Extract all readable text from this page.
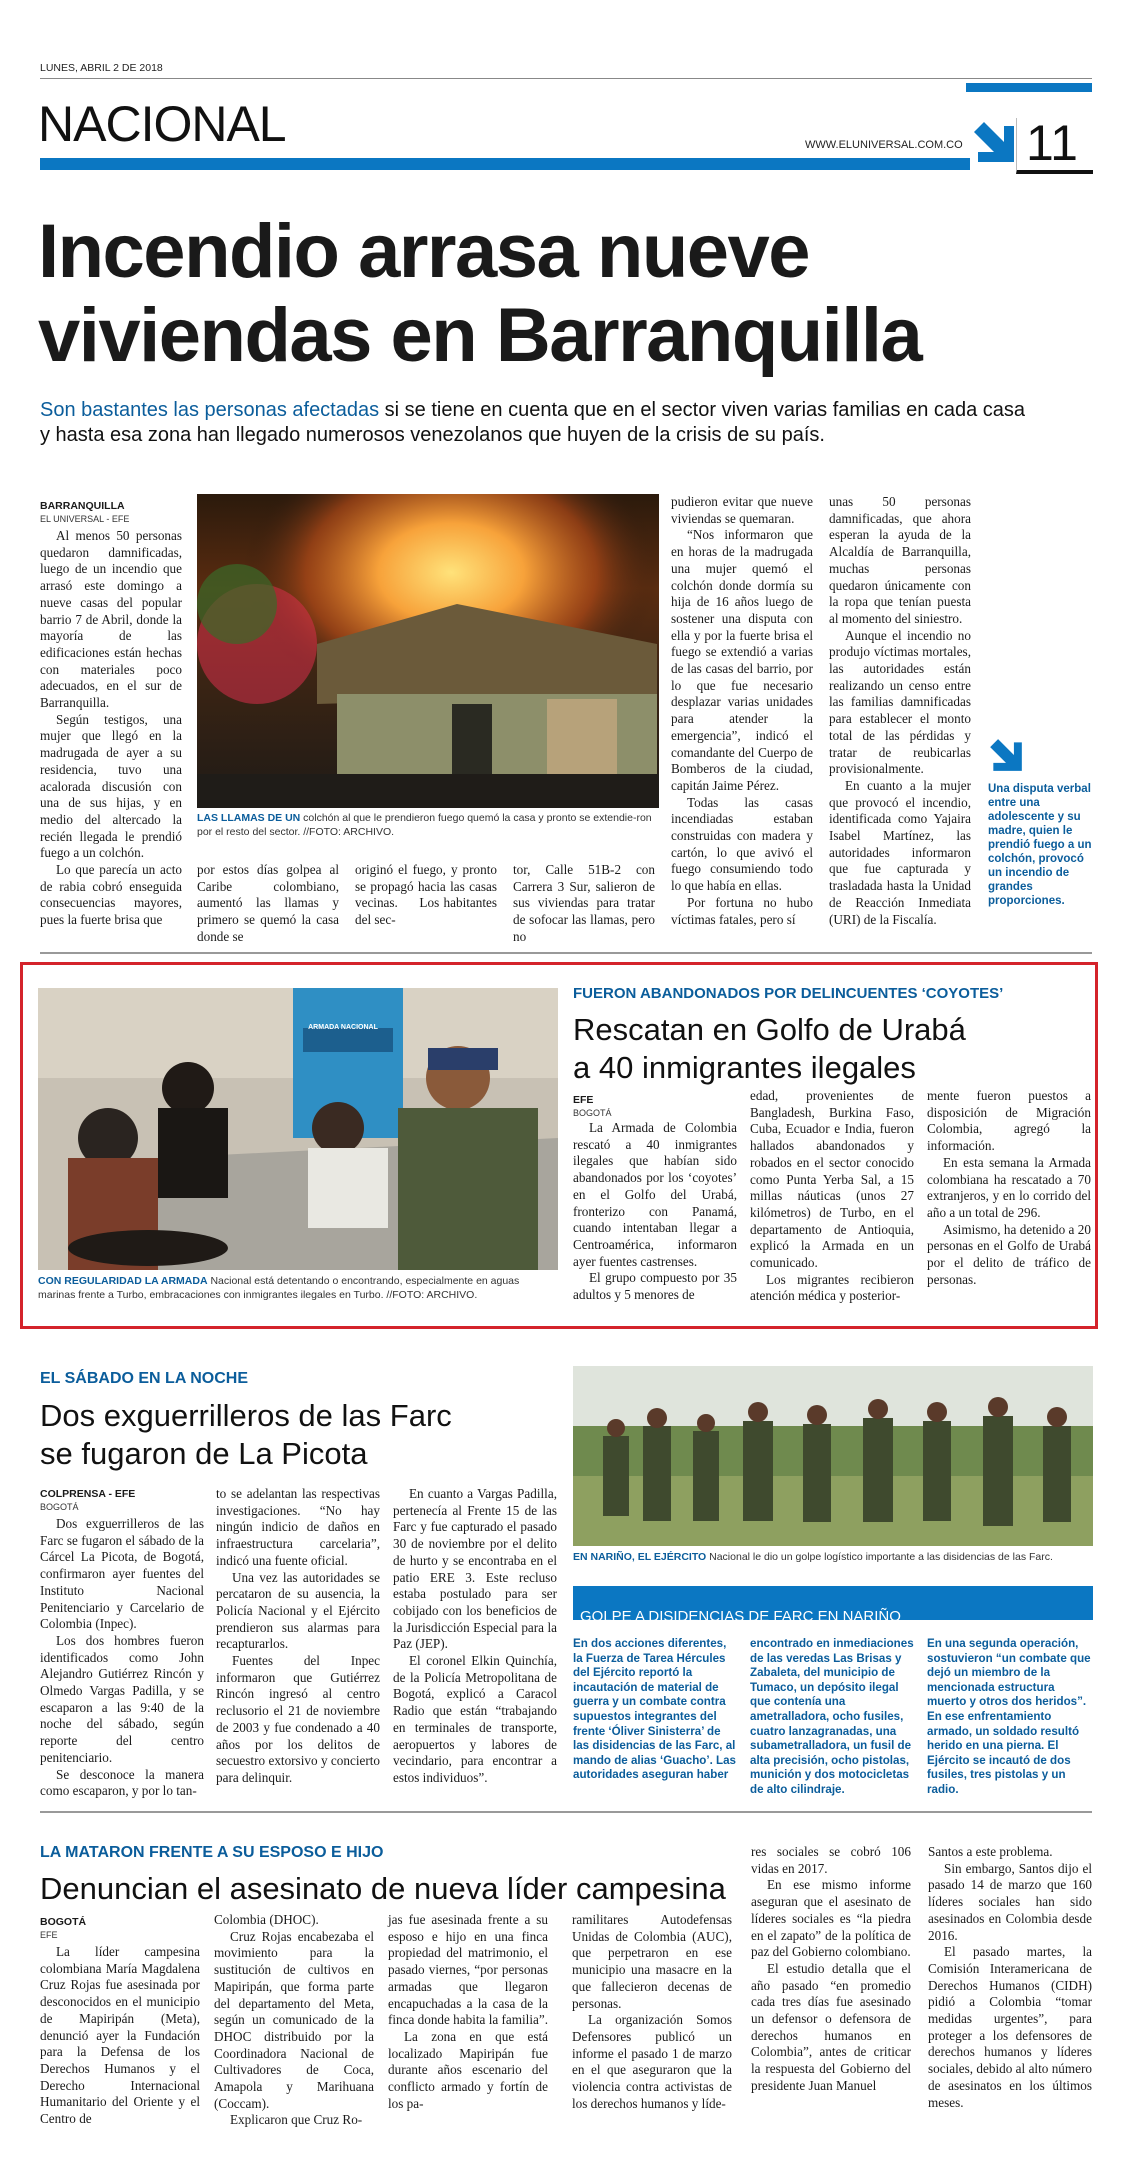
LUNES, ABRIL 2 DE 2018
NACIONAL	WWW.ELUNIVERSAL.COM.CO 11
Incendio arrasa nueve viviendas en Barranquilla
Son bastantes las personas afectadas si se tiene en cuenta que en el sector viven varias familias en cada casa y hasta esa zona han llegado numerosos venezolanos que huyen de la crisis de su país.
BARRANQUILLA
EL UNIVERSAL - EFE

Al menos 50 personas quedaron damnificadas, luego de un incendio que arrasó este domingo a nueve casas del popular barrio 7 de Abril, donde la mayoría de las edificaciones están hechas con materiales poco adecuados, en el sur de Barranquilla.

Según testigos, una mujer que llegó en la madrugada de ayer a su residencia, tuvo una acalorada discusión con una de sus hijas, y en medio del altercado la recién llegada le prendió fuego a un colchón.

Lo que parecía un acto de rabia cobró enseguida consecuencias mayores, pues la fuerte brisa que

LAS LLAMAS DE UN colchón al que le prendieron fuego quemó la casa y pronto se extendie-ron por el resto del sector. //FOTO: ARCHIVO.

por estos días golpea al Caribe colombiano, aumentó las llamas y primero se quemó la casa donde se

originó el fuego, y pronto se propagó hacia las casas vecinas.     Los habitantes del sec-

tor, Calle 51B-2 con Carrera 3 Sur, salieron de sus viviendas para tratar de sofocar las llamas, pero no

pudieron evitar que nueve viviendas se quemaran.

“Nos informaron que en horas de la madrugada una mujer quemó el colchón donde dormía su hija de 16 años luego de sostener una disputa con ella y por la fuerte brisa el fuego se extendió a varias de las casas del barrio, por lo que fue necesario desplazar varias unidades para atender la emergencia”, indicó el comandante del Cuerpo de Bomberos de la ciudad, capitán Jaime Pérez.

Todas las casas incendiadas estaban construidas con madera y cartón, lo que avivó el fuego consumiendo todo lo que había en ellas.

Por fortuna no hubo víctimas fatales, pero sí

unas 50 personas damnificadas, que ahora esperan la ayuda de la Alcaldía de Barranquilla, muchas personas quedaron únicamente con la ropa que tenían puesta al momento del siniestro.

Aunque el incendio no produjo víctimas mortales, las autoridades están realizando un censo entre las familias damnificadas para establecer el monto total de las pérdidas y tratar de reubicarlas provisionalmente.

En cuanto a la mujer que provocó el incendio, identificada como Yajaira Isabel Martínez, las autoridades informaron que fue capturada y trasladada hasta la Unidad de Reacción Inmediata (URI) de la Fiscalía.

Una disputa verbal entre una adolescente y su madre, quien le prendió fuego a un colchón, provocó un incendio de grandes proporciones.
ARMADA NACIONAL
CON REGULARIDAD LA ARMADA Nacional está detentando o encontrando, especialmente en aguas marinas frente a Turbo, embracaciones con inmigrantes ilegales en Turbo. //FOTO: ARCHIVO.
FUERON ABANDONADOS POR DELINCUENTES ‘COYOTES’
Rescatan en Golfo de Urabá
a 40 inmigrantes ilegales
EFE
BOGOTÁ

La Armada de Colombia rescató a 40 inmigrantes ilegales que habían sido abandonados por los ‘coyotes’ en el Golfo del Urabá, fronterizo con Panamá, cuando intentaban llegar a Centroamérica, informaron ayer fuentes castrenses.

El grupo compuesto por 35 adultos y 5 menores de

edad, provenientes de Bangladesh, Burkina Faso, Cuba, Ecuador e India, fueron hallados abandonados y robados en el sector conocido como Punta Yerba Sal, a 15 millas náuticas (unos 27 kilómetros) de Turbo, en el departamento de Antioquia, explicó la Armada en un comunicado.

Los migrantes recibieron atención médica y posterior-

mente fueron puestos a disposición de Migración Colombia, agregó la información.

En esta semana la Armada colombiana ha rescatado a 70 extranjeros, y en lo corrido del año a un total de 296.

Asimismo, ha detenido a 20 personas en el Golfo de Urabá por el delito de tráfico de personas.

EL SÁBADO EN LA NOCHE
Dos exguerrilleros de las Farc
se fugaron de La Picota
COLPRENSA - EFE
BOGOTÁ

Dos exguerrilleros de las Farc se fugaron el sábado de la Cárcel La Picota, de Bogotá, confirmaron ayer fuentes del Instituto Nacional Penitenciario y Carcelario de Colombia (Inpec).

Los dos hombres fueron identificados como John Alejandro Gutiérrez Rincón y Olmedo Vargas Padilla, y se escaparon a las 9:40 de la noche del sábado, según reporte del centro penitenciario.

Se desconoce la manera como escaparon, y por lo tan-

to se adelantan las respectivas investigaciones. “No hay ningún indicio de daños en infraestructura carcelaria”, indicó una fuente oficial.

Una vez las autoridades se percataron de su ausencia, la Policía Nacional y el Ejército prendieron sus alarmas para recapturarlos.

Fuentes del Inpec informaron que Gutiérrez Rincón ingresó al centro reclusorio el 21 de noviembre de 2003 y fue condenado a 40 años por los delitos de secuestro extorsivo y concierto para delinquir.

En cuanto a Vargas Padilla, pertenecía al Frente 15 de las Farc y fue capturado el pasado 30 de noviembre por el delito de hurto y se encontraba en el patio ERE 3. Este recluso estaba postulado para ser cobijado con los beneficios de la Jurisdicción Especial para la Paz (JEP).

El coronel Elkin Quinchía, de la Policía Metropolitana de Bogotá, explicó a Caracol Radio que están “trabajando en terminales de transporte, aeropuertos y labores de vecindario, para encontrar a estos individuos”.

EN NARIÑO, EL EJÉRCITO Nacional le dio un golpe logístico importante a las disidencias de las Farc.
GOLPE A DISIDENCIAS DE FARC EN NARIÑO
En dos acciones diferentes, la Fuerza de Tarea Hércules del Ejército reportó la incautación de material de guerra y un combate contra supuestos integrantes del frente ‘Óliver Sinisterra’ de las disidencias de las Farc, al mando de alias ‘Guacho’. Las autoridades aseguran haber
encontrado en inmediaciones de las veredas Las Brisas y Zabaleta, del municipio de Tumaco, un depósito ilegal que contenía una ametralladora, ocho fusiles, cuatro lanzagranadas, una subametralladora, un fusil de alta precisión, ocho pistolas, munición y dos motocicletas de alto cilindraje.
En una segunda operación, sostuvieron “un combate que dejó un miembro de la mencionada estructura muerto y otros dos heridos”. En ese enfrentamiento armado, un soldado resultó herido en una pierna. El Ejército se incautó de dos fusiles, tres pistolas y un radio.
LA MATARON FRENTE A SU ESPOSO E HIJO
Denuncian el asesinato de nueva líder campesina
BOGOTÁ
EFE

La líder campesina colombiana María Magdalena Cruz Rojas fue asesinada por desconocidos en el municipio de Mapiripán (Meta), denunció ayer la Fundación para la Defensa de los Derechos Humanos y el Derecho Internacional Humanitario del Oriente y el Centro de

Colombia (DHOC).

Cruz Rojas encabezaba el movimiento para la sustitución de cultivos en Mapiripán, que forma parte del departamento del Meta, según un comunicado de la DHOC distribuido por la Coordinadora Nacional de Cultivadores de Coca, Amapola y Marihuana (Coccam).

Explicaron que Cruz Ro-

jas fue asesinada frente a su esposo e hijo en una finca propiedad del matrimonio, el pasado viernes, “por personas armadas que llegaron encapuchadas a la casa de la finca donde habita la familia”.

La zona en que está localizado Mapiripán fue durante años escenario del conflicto armado y fortín de los pa-

ramilitares Autodefensas Unidas de Colombia (AUC), que perpetraron en ese municipio una masacre en la que fallecieron decenas de personas.

La organización Somos Defensores publicó un informe el pasado 1 de marzo en el que aseguraron que la violencia contra activistas de los derechos humanos y líde-

res sociales se cobró 106 vidas en 2017.

En ese mismo informe aseguran que el asesinato de líderes sociales es “la piedra en el zapato” de la política de paz del Gobierno colombiano.

El estudio detalla que el año pasado “en promedio cada tres días fue asesinado un defensor o defensora de derechos humanos en Colombia”, antes de criticar la respuesta del Gobierno del presidente Juan Manuel

Santos a este problema.

Sin embargo, Santos dijo el pasado 14 de marzo que 160 líderes sociales han sido asesinados en Colombia desde 2016.

El pasado martes, la Comisión Interamericana de Derechos Humanos (CIDH) pidió a Colombia “tomar medidas urgentes”, para proteger a los defensores de derechos humanos y líderes sociales, debido al alto número de asesinatos en los últimos meses.
